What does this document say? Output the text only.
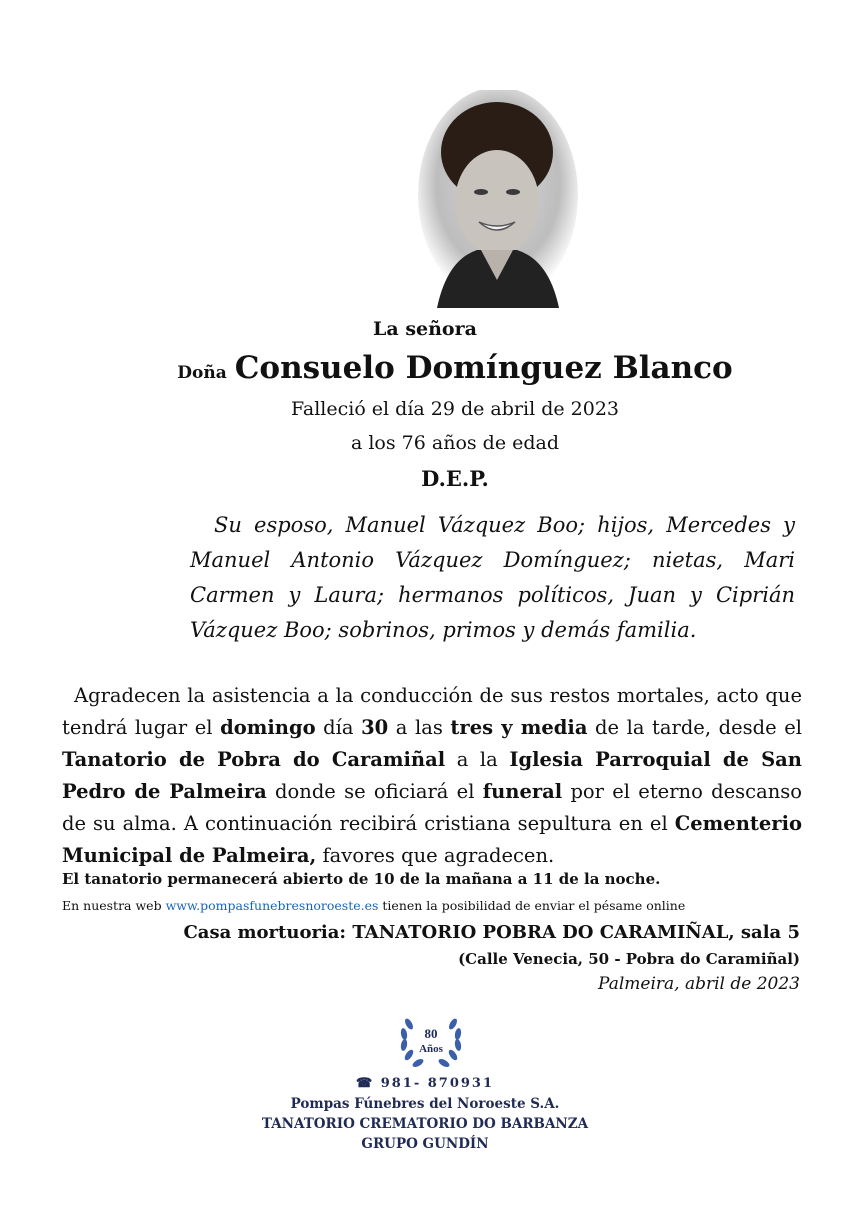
La señora
Doña Consuelo Domínguez Blanco
Falleció el día 29 de abril de 2023
a los 76 años de edad
D.E.P.
Su esposo, Manuel Vázquez Boo; hijos, Mercedes y Manuel Antonio Vázquez Domínguez; nietas, Mari Carmen y Laura; hermanos políticos, Juan y Ciprián Vázquez Boo; sobrinos, primos y demás familia.
Agradecen la asistencia a la conducción de sus restos mortales, acto que tendrá lugar el domingo día 30 a las tres y media de la tarde, desde el Tanatorio de Pobra do Caramiñal a la Iglesia Parroquial de San Pedro de Palmeira donde se oficiará el funeral por el eterno descanso de su alma. A continuación recibirá cristiana sepultura en el Cementerio Municipal de Palmeira, favores que agradecen.
El tanatorio permanecerá abierto de 10 de la mañana a 11 de la noche.
En nuestra web www.pompasfunebresnoroeste.es tienen la posibilidad de enviar el pésame online
Casa mortuoria: TANATORIO POBRA DO CARAMIÑAL, sala 5
(Calle Venecia, 50 - Pobra do Caramiñal)
Palmeira, abril de 2023
80
Años
☎ 981- 870931
Pompas Fúnebres del Noroeste S.A.
TANATORIO CREMATORIO DO BARBANZA
GRUPO GUNDÍN
